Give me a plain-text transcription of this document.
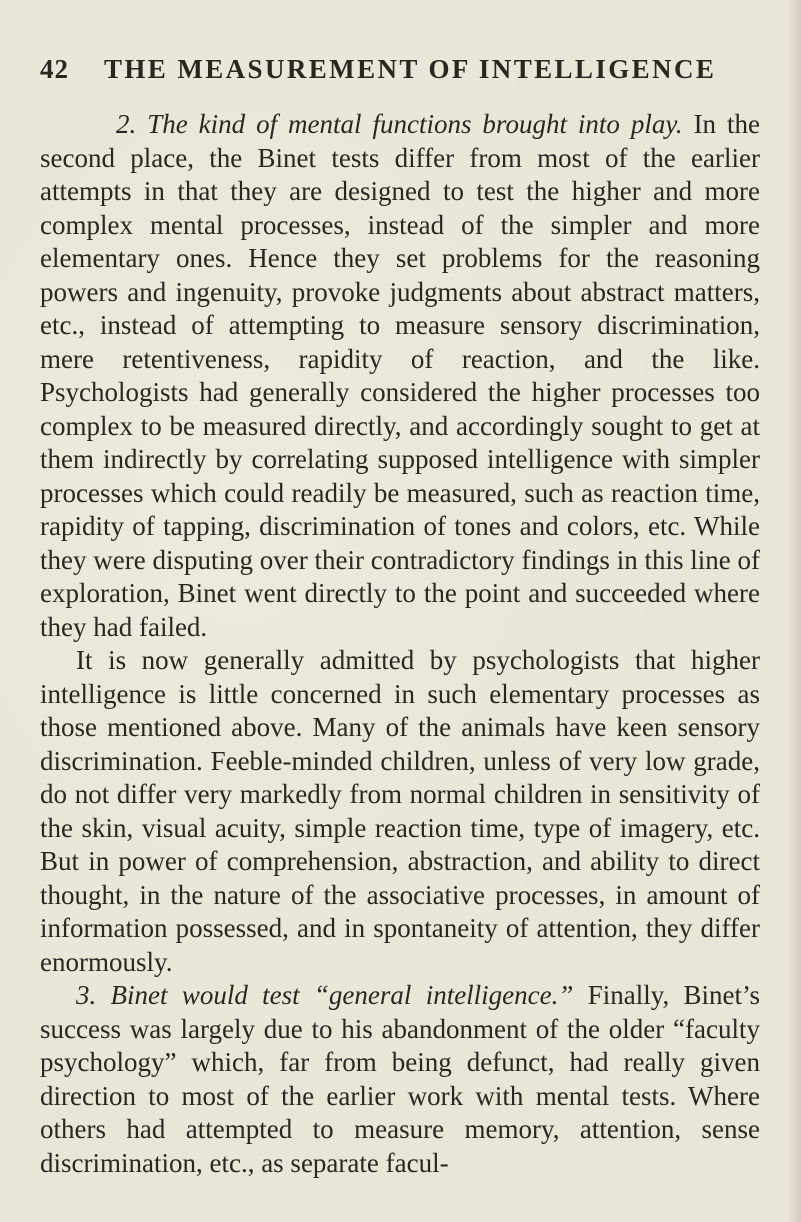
42 THE MEASUREMENT OF INTELLIGENCE

2. The kind of mental functions brought into play. In the second place, the Binet tests differ from most of the earlier attempts in that they are designed to test the higher and more complex mental processes, instead of the simpler and more elementary ones. Hence they set problems for the reasoning powers and ingenuity, provoke judgments about abstract matters, etc., instead of attempting to measure sensory discrimination, mere retentiveness, rapidity of reaction, and the like. Psychologists had generally considered the higher processes too complex to be measured directly, and accordingly sought to get at them indirectly by correlating supposed intelligence with simpler processes which could readily be measured, such as reaction time, rapidity of tapping, discrimination of tones and colors, etc. While they were disputing over their contradictory findings in this line of exploration, Binet went directly to the point and succeeded where they had failed.

It is now generally admitted by psychologists that higher intelligence is little concerned in such elementary processes as those mentioned above. Many of the animals have keen sensory discrimination. Feeble-minded children, unless of very low grade, do not differ very markedly from normal children in sensitivity of the skin, visual acuity, simple reaction time, type of imagery, etc. But in power of comprehension, abstraction, and ability to direct thought, in the nature of the associative processes, in amount of information possessed, and in spontaneity of attention, they differ enormously.

3. Binet would test “general intelligence.” Finally, Binet’s success was largely due to his abandonment of the older “faculty psychology” which, far from being defunct, had really given direction to most of the earlier work with mental tests. Where others had attempted to measure memory, attention, sense discrimination, etc., as separate facul-
